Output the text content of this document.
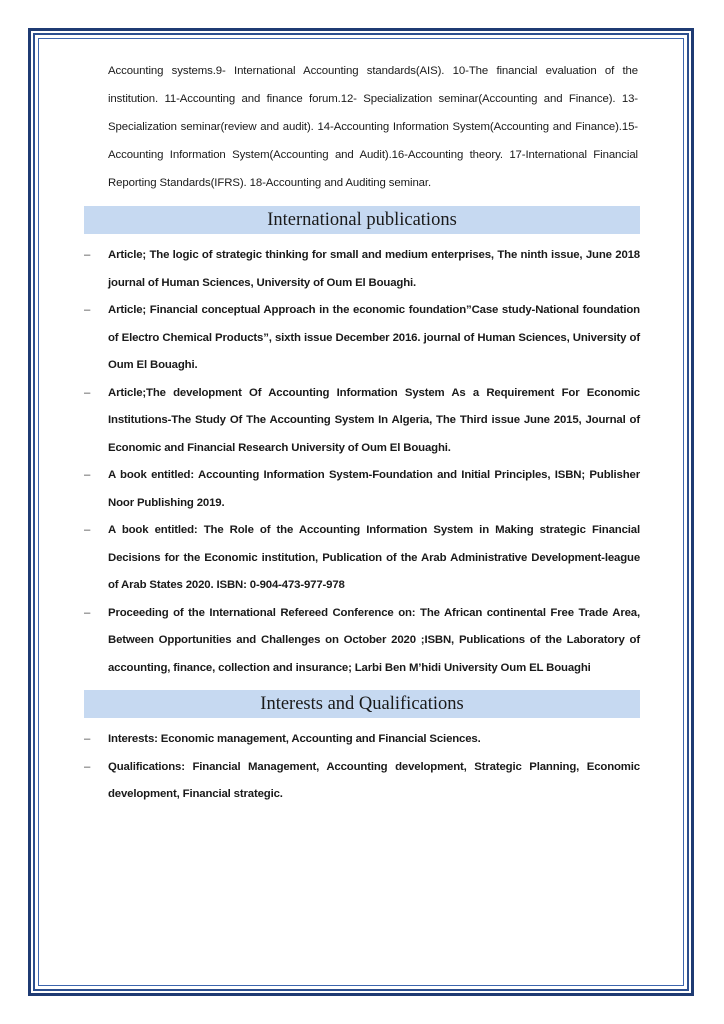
Accounting systems.9- International Accounting standards(AIS). 10-The financial evaluation of the institution. 11-Accounting and finance forum.12- Specialization seminar(Accounting and Finance). 13-Specialization seminar(review and audit). 14-Accounting Information System(Accounting and Finance).15- Accounting Information System(Accounting and Audit).16-Accounting theory. 17-International Financial Reporting Standards(IFRS). 18-Accounting and Auditing seminar.

International publications
– Article; The logic of strategic thinking for small and medium enterprises, The ninth issue, June 2018 journal of Human Sciences, University of Oum El Bouaghi.
– Article; Financial conceptual Approach in the economic foundation”Case study-National foundation of Electro Chemical Products”, sixth issue December 2016. journal of Human Sciences, University of Oum El Bouaghi.
– Article;The development Of Accounting Information System As a Requirement For Economic Institutions-The Study Of The Accounting System In Algeria, The Third issue June 2015, Journal of Economic and Financial Research University of Oum El Bouaghi.
– A book entitled: Accounting Information System-Foundation and Initial Principles, ISBN; Publisher Noor Publishing 2019.
– A book entitled: The Role of the Accounting Information System in Making strategic Financial Decisions for the Economic institution, Publication of the Arab Administrative Development-league of Arab States 2020. ISBN: 0-904-473-977-978
– Proceeding of the International Refereed Conference on: The African continental Free Trade Area, Between Opportunities and Challenges on October 2020 ;ISBN, Publications of the Laboratory of accounting, finance, collection and insurance; Larbi Ben M’hidi University Oum EL Bouaghi
Interests and Qualifications
– Interests: Economic management, Accounting and Financial Sciences.
– Qualifications: Financial Management, Accounting development, Strategic Planning, Economic development, Financial strategic.
